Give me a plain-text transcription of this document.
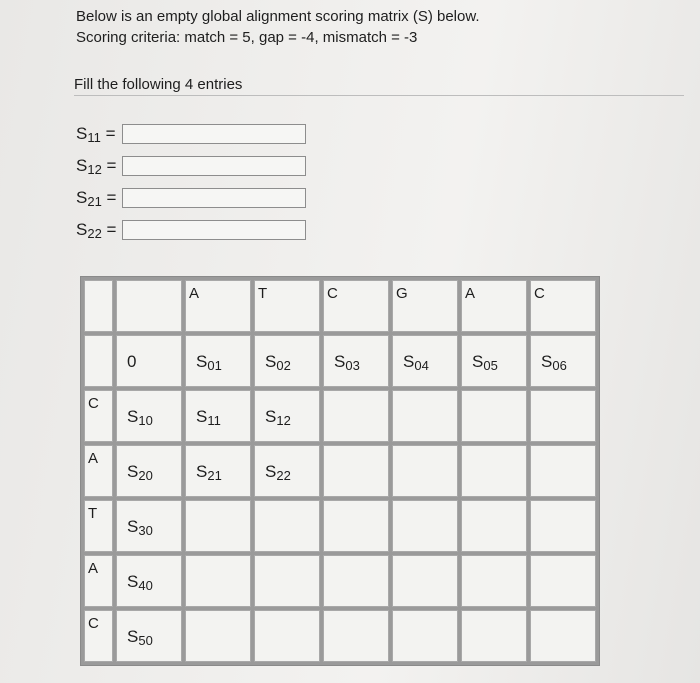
Below is an empty global alignment scoring matrix (S) below.
Scoring criteria: match = 5, gap = -4, mismatch = -3
Fill the following 4 entries
$S_{11}$ =
$S_{12}$ =
$S_{21}$ =
$S_{22}$ =

		A	T	C	G	A	C

	0	$S_{01}$	$S_{02}$	$S_{03}$	$S_{04}$	$S_{05}$	$S_{06}$

C	$S_{10}$	$S_{11}$	$S_{12}$

A	$S_{20}$	$S_{21}$	$S_{22}$

T	$S_{30}$

A	$S_{40}$

C	$S_{50}$
